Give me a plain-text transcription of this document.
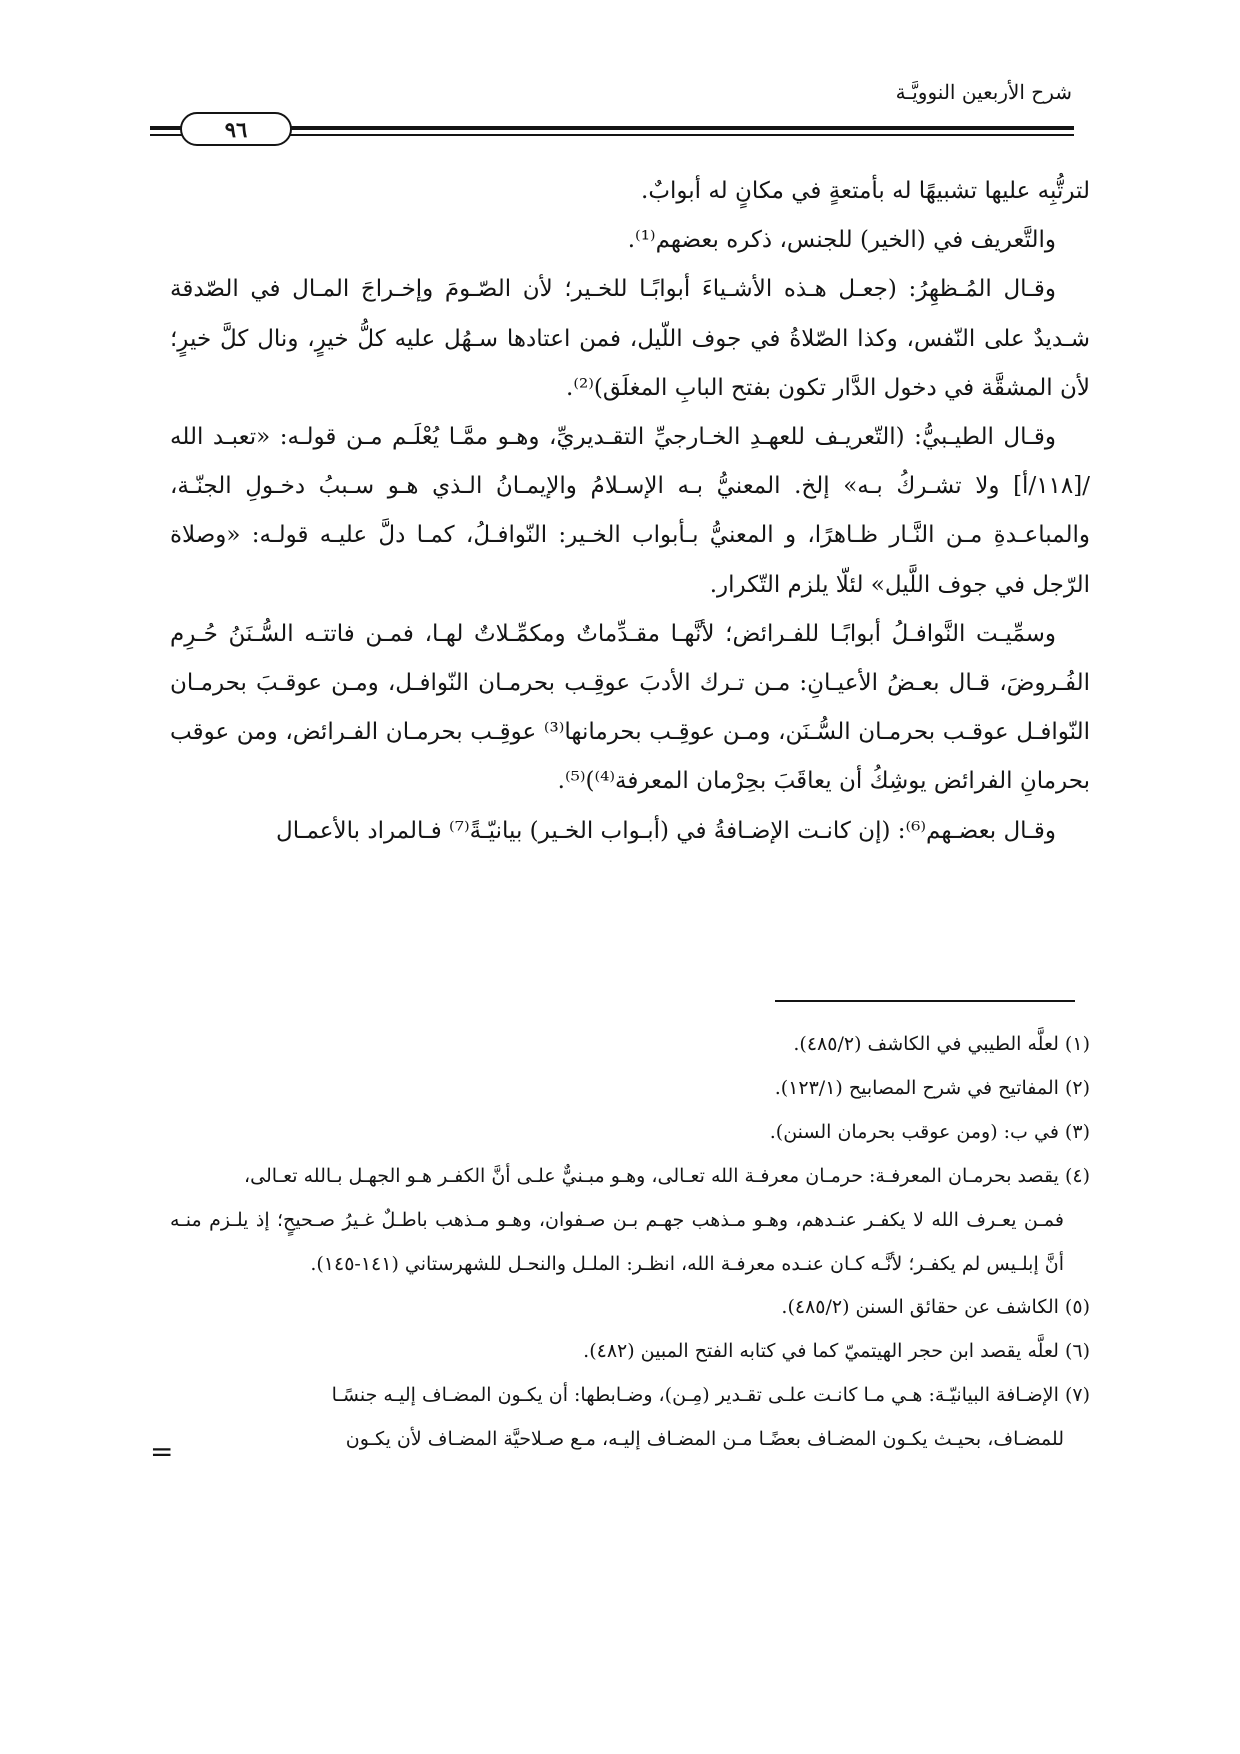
شرح الأربعين النوويَّـة
٩٦

لترتُّبِه عليها تشبيهًا له بأمتعةٍ في مكانٍ له أبوابٌ.

والتَّعريف في (الخير) للجنس، ذكره بعضهم⁽¹⁾.

وقـال المُـظهِرُ: (جعـل هـذه الأشـياءَ أبوابًـا للخـير؛ لأن الصّـومَ وإخـراجَ المـال في الصّدقة شـديدٌ على النّفس، وكذا الصّلاةُ في جوف اللّيل، فمن اعتادها سـهُل عليه كلُّ خيرٍ، ونال كلَّ خيرٍ؛ لأن المشقَّة في دخول الدَّار تكون بفتح البابِ المغلَق)⁽²⁾.

وقـال الطيـبيُّ: (التّعريـف للعهـدِ الخـارجيِّ التقـديريِّ، وهـو ممَّـا يُعْلَـم مـن قولـه: «تعبـد الله /[١١٨/أ] ولا تشـركُ بـه» إلخ. المعنيُّ بـه الإسـلامُ والإيمـانُ الـذي هـو سـببُ دخـولِ الجنّـة، والمباعـدةِ مـن النَّـار ظـاهرًا، و المعنيُّ بـأبواب الخـير: النّوافـلُ، كمـا دلَّ عليـه قولـه: «وصلاة الرّجل في جوف اللَّيل» لئلّا يلزم التّكرار.

وسمِّيـت النَّوافـلُ أبوابًـا للفـرائض؛ لأنَّهـا مقـدِّماتٌ ومكمِّـلاتٌ لهـا، فمـن فاتتـه السُّـنَنُ حُـرِم الفُـروضَ، قـال بعـضُ الأعيـانِ: مـن تـرك الأدبَ عوقِـب بحرمـان النّوافـل، ومـن عوقـبَ بحرمـان النّوافـل عوقـب بحرمـان السُّـنَن، ومـن عوقِـب بحرمانها⁽³⁾ عوقِـب بحرمـان الفـرائض، ومن عوقب بحرمانِ الفرائض يوشِكُ أن يعاقَبَ بحِرْمان المعرفة⁽⁴⁾)⁽⁵⁾.

وقـال بعضـهم⁽⁶⁾: (إن كانـت الإضـافةُ في (أبـواب الخـير) بيانيّـةً⁽⁷⁾ فـالمراد بالأعمـال

(١) لعلَّه الطيبي في الكاشف (٤٨٥/٢).

(٢) المفاتيح في شرح المصابيح (١٢٣/١).

(٣) في ب: (ومن عوقب بحرمان السنن).

(٤) يقصد بحرمـان المعرفـة: حرمـان معرفـة الله تعـالى، وهـو مبـنيٌّ علـى أنَّ الكفـر هـو الجهـل بـالله تعـالى،

فمـن يعـرف الله لا يكفـر عنـدهم، وهـو مـذهب جهـم بـن صـفوان، وهـو مـذهب باطـلٌ غـيرُ صـحيحٍ؛ إذ يلـزم منـه أنَّ إبلـيس لم يكفـر؛ لأنَّـه كـان عنـده معرفـة الله، انظـر: الملـل والنحـل للشهرستاني (١٤١-١٤٥).

(٥) الكاشف عن حقائق السنن (٤٨٥/٢).

(٦) لعلَّه يقصد ابن حجر الهيتميّ كما في كتابه الفتح المبين (٤٨٢).

(٧) الإضـافة البيانيّـة: هـي مـا كانـت علـى تقـدير (مِـن)، وضـابطها: أن يكـون المضـاف إليـه جنسًـا

للمضـاف، بحيـث يكـون المضـاف بعضًـا مـن المضـاف إليـه، مـع صـلاحيَّة المضـاف لأن يكـون

=
